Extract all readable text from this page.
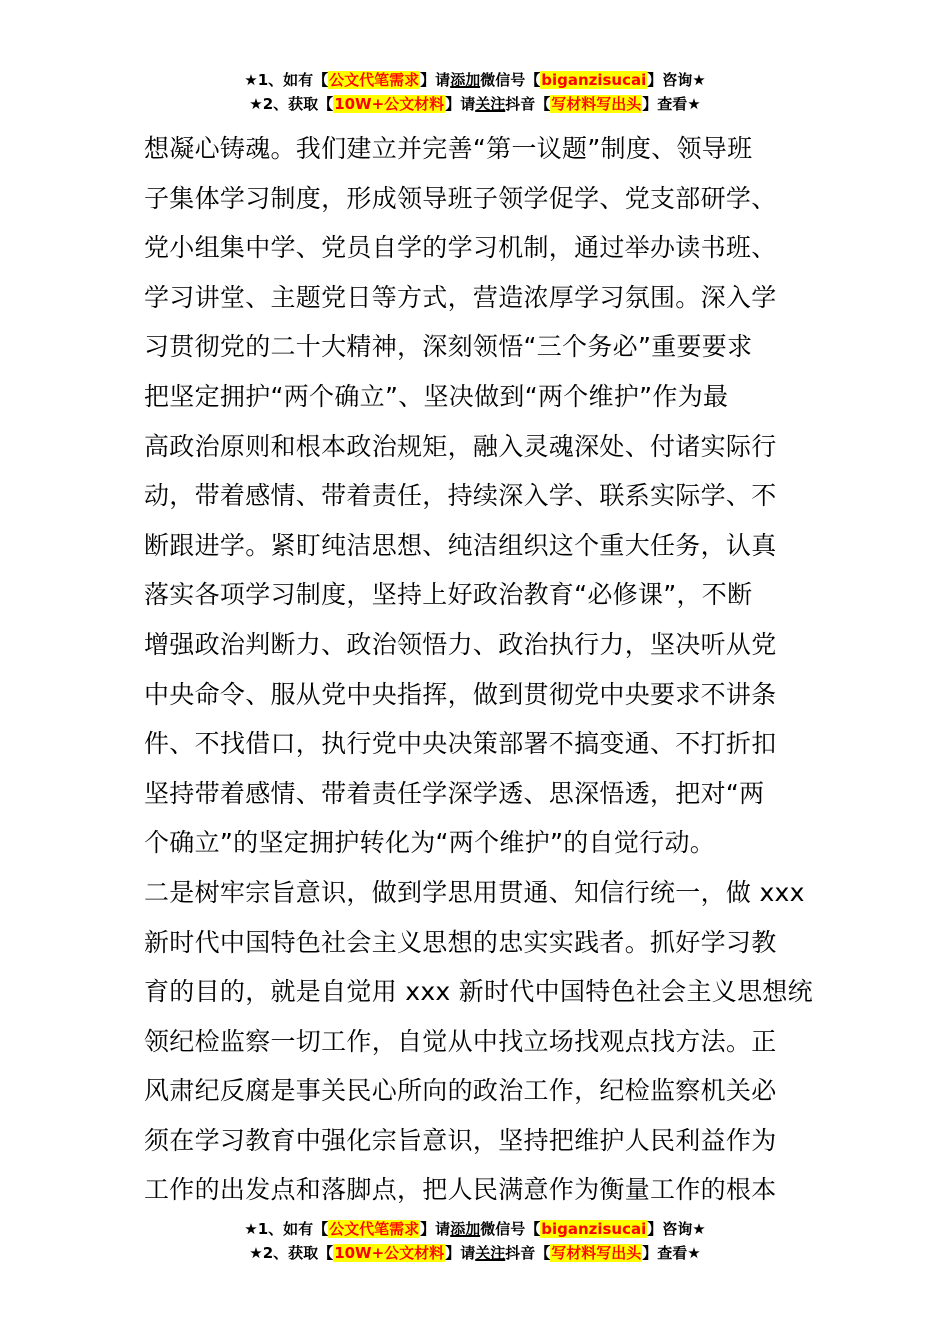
★1、如有【公文代笔需求】请添加微信号【biganzisucai】咨询★
★2、获取【10W+公文材料】请关注抖音【写材料写出头】查看★
想凝心铸魂。我们建立并完善“第一议题”制度、领导班
子集体学习制度，形成领导班子领学促学、党支部研学、
党小组集中学、党员自学的学习机制，通过举办读书班、
学习讲堂、主题党日等方式，营造浓厚学习氛围。深入学
习贯彻党的二十大精神，深刻领悟“三个务必”重要要求
把坚定拥护“两个确立”、坚决做到“两个维护”作为最
高政治原则和根本政治规矩，融入灵魂深处、付诸实际行
动，带着感情、带着责任，持续深入学、联系实际学、不
断跟进学。紧盯纯洁思想、纯洁组织这个重大任务，认真
落实各项学习制度，坚持上好政治教育“必修课”，不断
增强政治判断力、政治领悟力、政治执行力，坚决听从党
中央命令、服从党中央指挥，做到贯彻党中央要求不讲条
件、不找借口，执行党中央决策部署不搞变通、不打折扣
坚持带着感情、带着责任学深学透、思深悟透，把对“两
个确立”的坚定拥护转化为“两个维护”的自觉行动。
二是树牢宗旨意识，做到学思用贯通、知信行统一，做 xxx
新时代中国特色社会主义思想的忠实实践者。抓好学习教
育的目的，就是自觉用 xxx 新时代中国特色社会主义思想统
领纪检监察一切工作，自觉从中找立场找观点找方法。正
风肃纪反腐是事关民心所向的政治工作，纪检监察机关必
须在学习教育中强化宗旨意识，坚持把维护人民利益作为
工作的出发点和落脚点，把人民满意作为衡量工作的根本
★1、如有【公文代笔需求】请添加微信号【biganzisucai】咨询★
★2、获取【10W+公文材料】请关注抖音【写材料写出头】查看★
